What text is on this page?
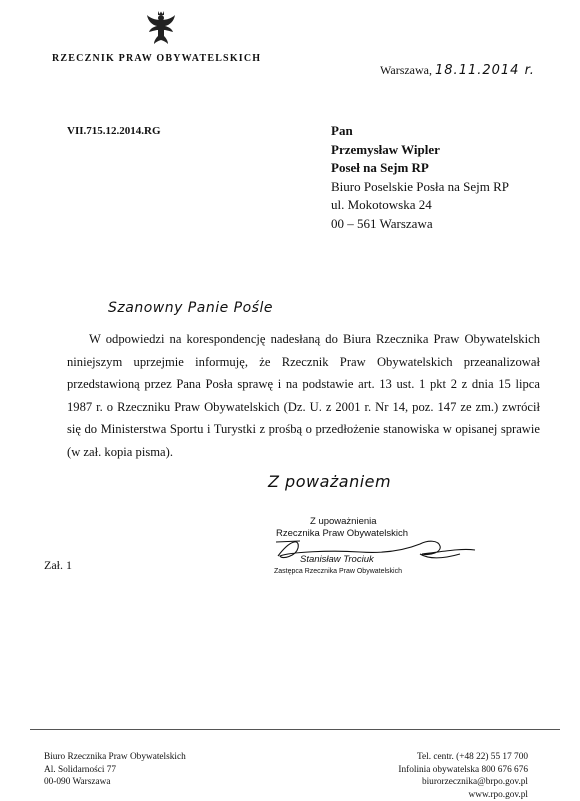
RZECZNIK PRAW OBYWATELSKICH
Warszawa, 18.11.2014 r.
VII.715.12.2014.RG	Pan
Przemysław Wipler
Poseł na Sejm RP
Biuro Poselskie Posła na Sejm RP
ul. Mokotowska 24
00 – 561 Warszawa
Szanowny Panie Pośle

W odpowiedzi na korespondencję nadesłaną do Biura Rzecznika Praw Obywatelskich niniejszym uprzejmie informuję, że Rzecznik Praw Obywatelskich przeanalizował przedstawioną przez Pana Posła sprawę i na podstawie art. 13 ust. 1 pkt 2 z dnia 15 lipca 1987 r. o Rzeczniku Praw Obywatelskich (Dz. U. z 2001 r. Nr 14, poz. 147 ze zm.) zwrócił się do Ministerstwa Sportu i Turystki z prośbą o przedłożenie stanowiska w opisanej sprawie (w zał. kopia pisma).

Z poważaniem
Z upoważnienia
Rzecznika Praw Obywatelskich
Stanisław Trociuk
Zastępca Rzecznika Praw Obywatelskich
Zał. 1
Biuro Rzecznika Praw Obywatelskich
Al. Solidarności 77
00-090 Warszawa
Tel. centr. (+48 22) 55 17 700
Infolinia obywatelska 800 676 676
biurorzecznika@brpo.gov.pl
www.rpo.gov.pl
